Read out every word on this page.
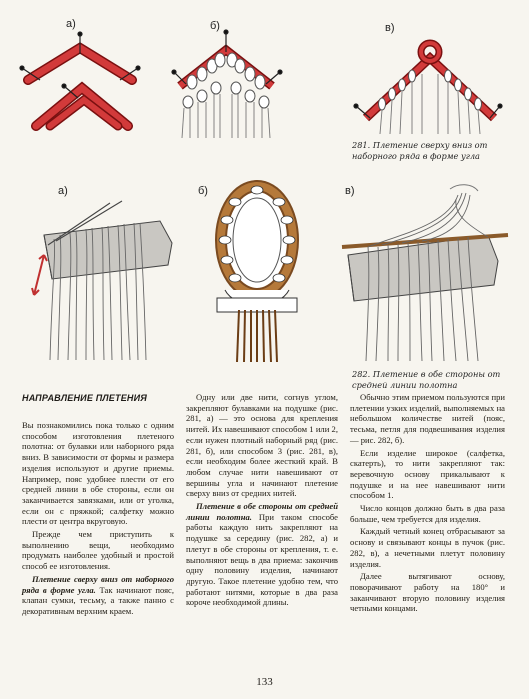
а)	б)	в)
281. Плетение сверху вниз от наборного ряда в форме угла
а)	б)	в)
282. Плетение в обе стороны от средней линии полотна
НАПРАВЛЕНИЕ ПЛЕТЕНИЯ

Вы познакомились пока только с одним способом изготовления плетеного полотна: от булавки или наборного ряда вниз. В зависимости от формы и размера изделия используют и другие приемы. Например, пояс удобнее плести от его средней линии в обе стороны, если он заканчивается завязками, или от уголка, если он с пряжкой; салфетку можно плести от центра вкруговую.

Прежде чем приступить к выполнению вещи, необходимо продумать наиболее удобный и простой способ ее изготовления.

Плетение сверху вниз от наборного ряда в форме угла. Так начинают пояс, клапан сумки, тесьму, а также панно с декоративным верхним краем.

Одну или две нити, согнув углом, закрепляют булавками на подушке (рис. 281, а) — это основа для крепления нитей. Их навешивают способом 1 или 2, если нужен плотный наборный ряд (рис. 281, б), или способом 3 (рис. 281, в), если необходим более жесткий край. В любом случае нити навешивают от вершины угла и начинают плетение сверху вниз от средних нитей.

Плетение в обе стороны от средней линии полотна. При таком способе работы каждую нить закрепляют на подушке за середину (рис. 282, а) и плетут в обе стороны от крепления, т. е. выполняют вещь в два приема: закончив одну половину изделия, начинают другую. Такое плетение удобно тем, что работают нитями, которые в два раза короче необходимой длины.

Обычно этим приемом пользуются при плетении узких изделий, выполняемых на небольшом количестве нитей (пояс, тесьма, петля для подвешивания изделия — рис. 282, б).

Если изделие широкое (салфетка, скатерть), то нити закрепляют так: веревочную основу прикалывают к подушке и на нее навешивают нити способом 1.

Число концов должно быть в два раза больше, чем требуется для изделия.

Каждый четный конец отбрасывают за основу и связывают концы в пучок (рис. 282, в), а нечетными плетут половину изделия.

Далее вытягивают основу, поворачивают работу на 180° и заканчивают вторую половину изделия четными концами.

133
